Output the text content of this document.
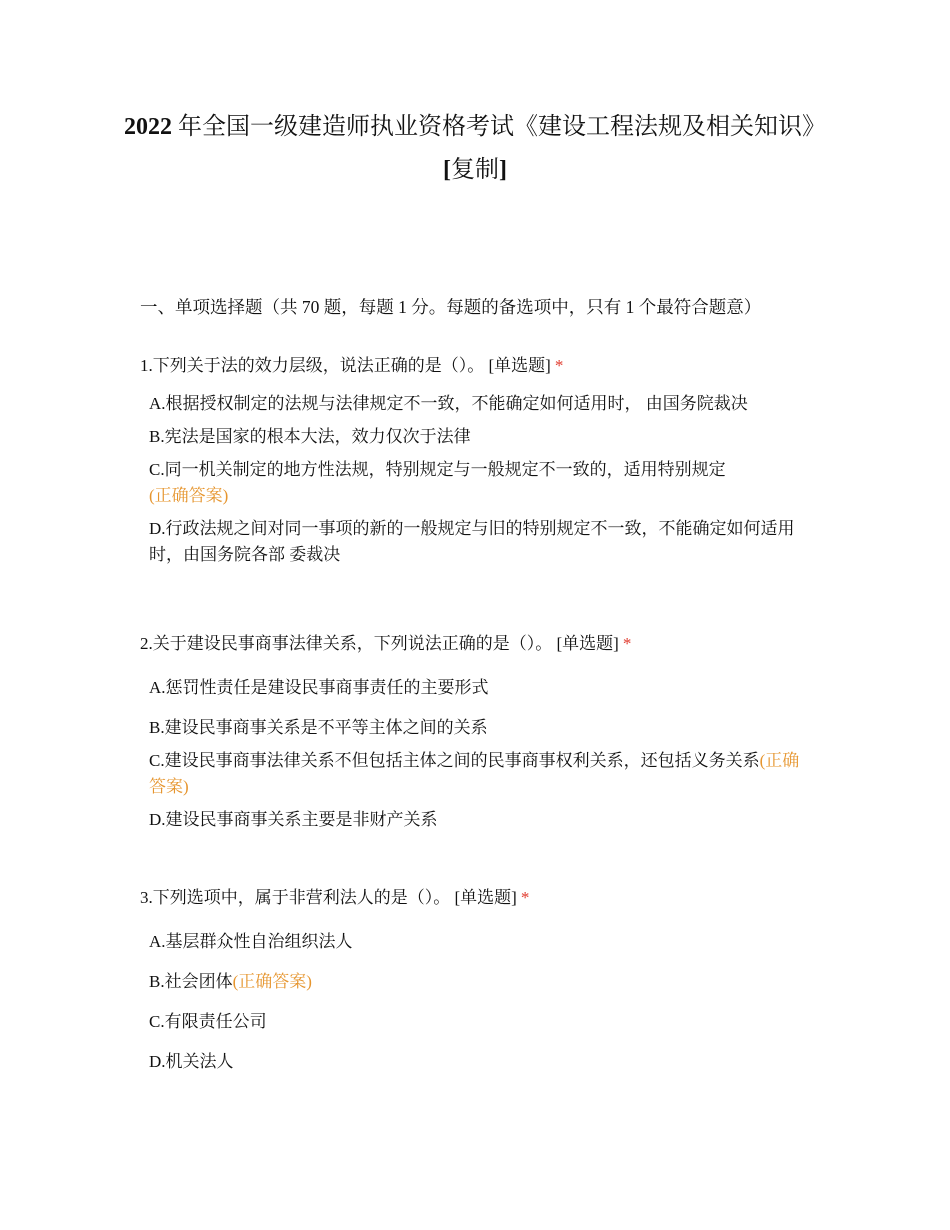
2022 年全国一级建造师执业资格考试《建设工程法规及相关知识》[复制]
一、单项选择题（共 70 题，每题 1 分。每题的备选项中，只有 1 个最符合题意）
1.下列关于法的效力层级，说法正确的是（）。 [单选题] *
A.根据授权制定的法规与法律规定不一致，不能确定如何适用时， 由国务院裁决
B.宪法是国家的根本大法，效力仅次于法律
C.同一机关制定的地方性法规，特别规定与一般规定不一致的，适用特别规定
(正确答案)
D.行政法规之间对同一事项的新的一般规定与旧的特别规定不一致，不能确定如何适用时，由国务院各部 委裁决
2.关于建设民事商事法律关系，下列说法正确的是（）。 [单选题] *
A.惩罚性责任是建设民事商事责任的主要形式
B.建设民事商事关系是不平等主体之间的关系
C.建设民事商事法律关系不但包括主体之间的民事商事权利关系，还包括义务关系(正确答案)
D.建设民事商事关系主要是非财产关系
3.下列选项中，属于非营利法人的是（）。 [单选题] *
A.基层群众性自治组织法人
B.社会团体(正确答案)
C.有限责任公司
D.机关法人
